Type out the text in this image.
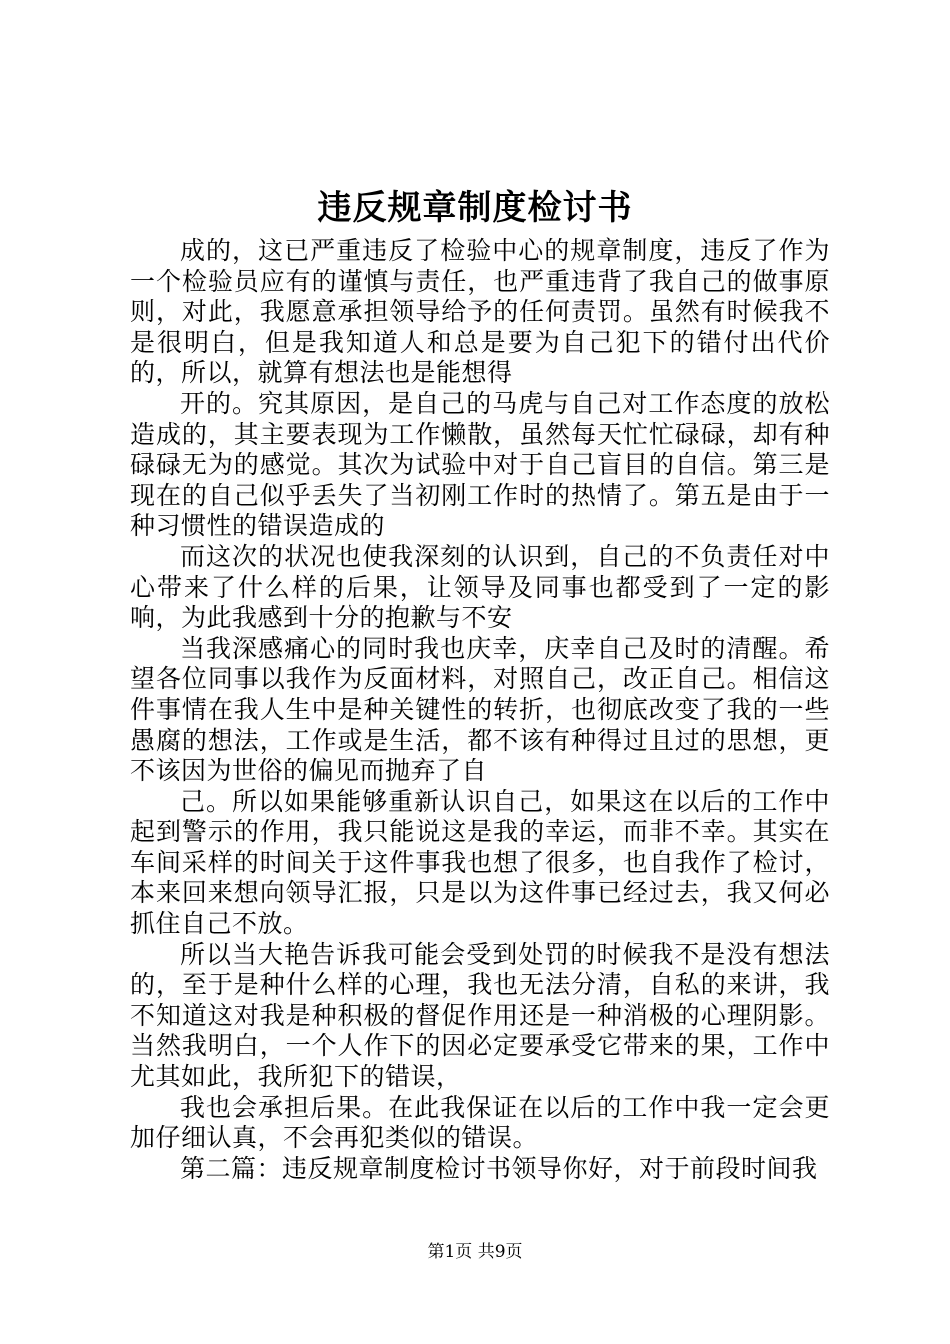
违反规章制度检讨书

成的，这已严重违反了检验中心的规章制度，违反了作为一个检验员应有的谨慎与责任，也严重违背了我自己的做事原则，对此，我愿意承担领导给予的任何责罚。虽然有时候我不是很明白，但是我知道人和总是要为自己犯下的错付出代价的，所以，就算有想法也是能想得

开的。究其原因，是自己的马虎与自己对工作态度的放松造成的，其主要表现为工作懒散，虽然每天忙忙碌碌，却有种碌碌无为的感觉。其次为试验中对于自己盲目的自信。第三是现在的自己似乎丢失了当初刚工作时的热情了。第五是由于一种习惯性的错误造成的

而这次的状况也使我深刻的认识到，自己的不负责任对中心带来了什么样的后果，让领导及同事也都受到了一定的影响，为此我感到十分的抱歉与不安

当我深感痛心的同时我也庆幸，庆幸自己及时的清醒。希望各位同事以我作为反面材料，对照自己，改正自己。相信这件事情在我人生中是种关键性的转折，也彻底改变了我的一些愚腐的想法，工作或是生活，都不该有种得过且过的思想，更不该因为世俗的偏见而抛弃了自

己。所以如果能够重新认识自己，如果这在以后的工作中起到警示的作用，我只能说这是我的幸运，而非不幸。其实在车间采样的时间关于这件事我也想了很多，也自我作了检讨，本来回来想向领导汇报，只是以为这件事已经过去，我又何必抓住自己不放。

所以当大艳告诉我可能会受到处罚的时候我不是没有想法的，至于是种什么样的心理，我也无法分清，自私的来讲，我不知道这对我是种积极的督促作用还是一种消极的心理阴影。当然我明白，一个人作下的因必定要承受它带来的果，工作中尤其如此，我所犯下的错误，

我也会承担后果。在此我保证在以后的工作中我一定会更加仔细认真，不会再犯类似的错误。

第二篇：违反规章制度检讨书领导你好，对于前段时间我

第1页 共9页
